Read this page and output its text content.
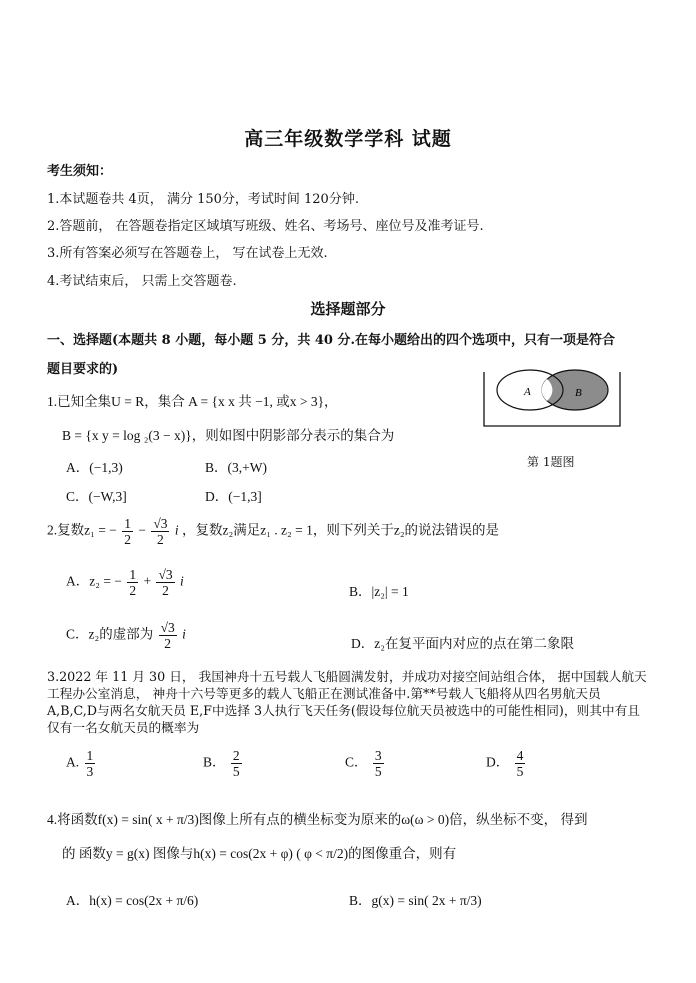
高三年级数学学科 试题
考生须知：
1.本试题卷共 4页， 满分 150分，考试时间 120分钟.
2.答题前， 在答题卷指定区域填写班级、姓名、考场号、座位号及准考证号.
3.所有答案必须写在答题卷上， 写在试卷上无效.
4.考试结束后， 只需上交答题卷.
选择题部分
一、选择题(本题共 8 小题，每小题 5 分，共 40 分.在每小题给出的四个选项中，只有一项是符合
题目要求的)
1.已知全集U = R，集合 A = {x x 共 −1, 或x > 3}，
B = {x y = log ₂(3 − x)}，则如图中阴影部分表示的集合为
A．(−1,3)	B．(3,+W)
C．(−W,3]	D．(−1,3]
A	B
第 1题图
2.复数z₁ = − $\frac{1}{2} - \frac{√3}{2}$ i ，复数z₂满足z₁ . z₂ = 1，则下列关于z₂的说法错误的是
A．z₂ = − $\frac{1}{2} + \frac{√3}{2}$ i
B．|z₂| = 1
C．z₂的虚部为 $\frac{√3}{2}$ i
D．z₂在复平面内对应的点在第二象限
3.2022 年 11 月 30 日， 我国神舟十五号载人飞船圆满发射，并成功对接空间站组合体， 据中国载人航天工程办公室消息， 神舟十六号等更多的载人飞船正在测试准备中.第**号载人飞船将从四名男航天员 A,B,C,D与两名女航天员 E,F中选择 3人执行飞天任务(假设每位航天员被选中的可能性相同)，则其中有且仅有一名女航天员的概率为
A. $\frac{1}{3}$	B． $\frac{2}{5}$	C． $\frac{3}{5}$	D． $\frac{4}{5}$
4.将函数f(x) = sin( x + π/3)图像上所有点的横坐标变为原来的ω(ω > 0)倍，纵坐标不变， 得到
的 函数y = g(x) 图像与h(x) = cos(2x + φ) ( φ < π/2)的图像重合，则有
A．h(x) = cos(2x + π/6)	B．g(x) = sin( 2x + π/3)
